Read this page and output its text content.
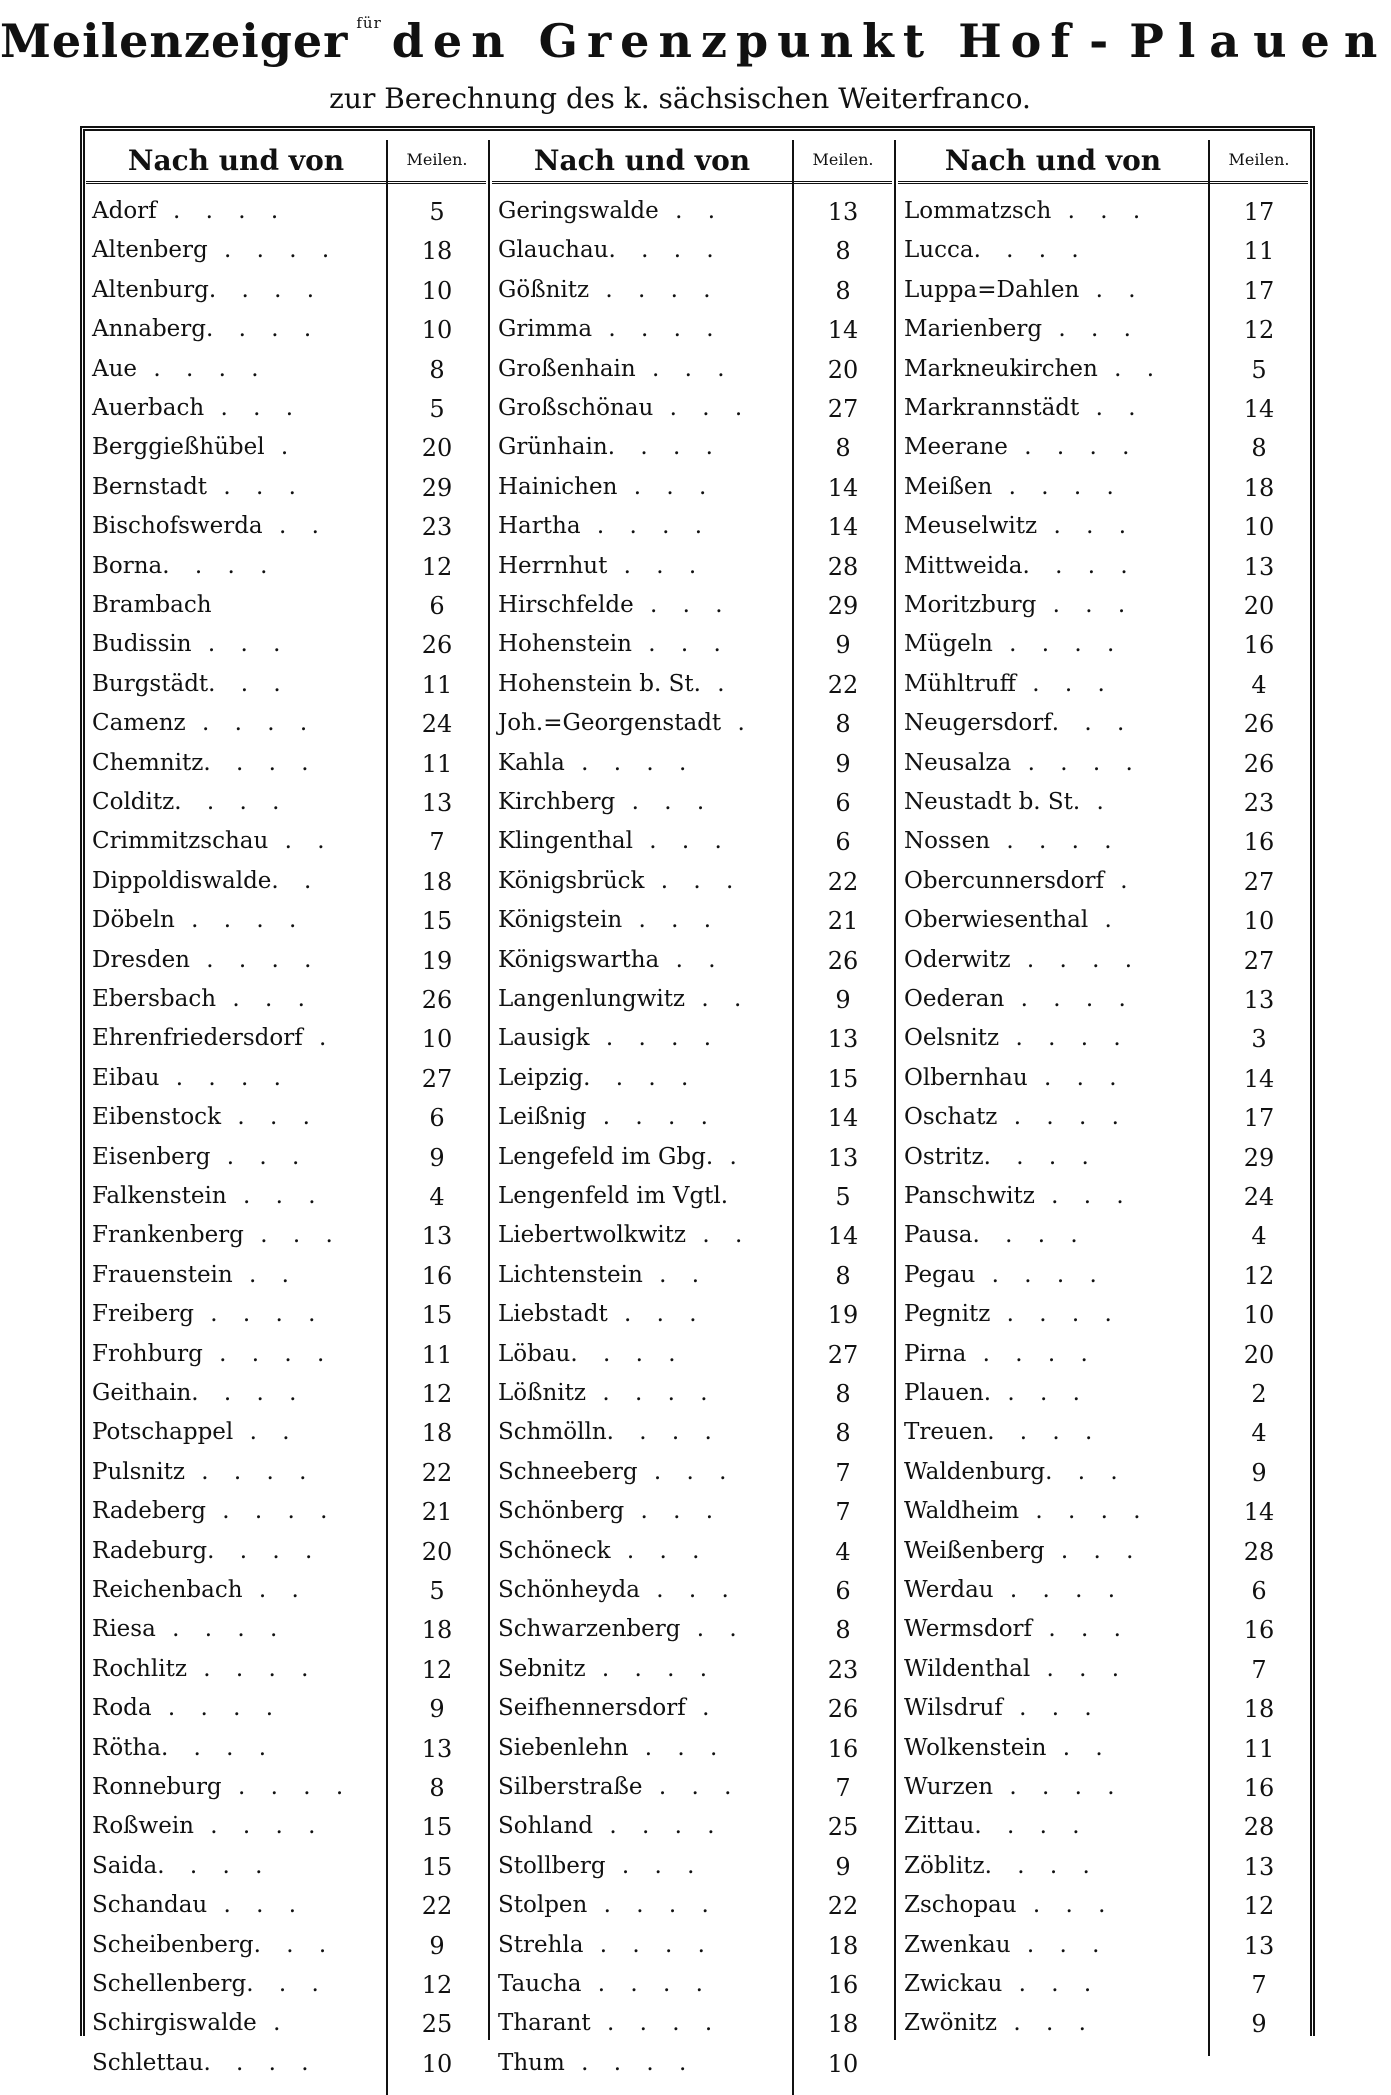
Meilenzeiger $^{für}$ den Grenzpunkt Hof - Plauen
zur Berechnung des k. sächsischen Weiterfranco.
Nach und von	Meilen.
Adorf . . . .	5
Altenberg . . . .	18
Altenburg. . . .	10
Annaberg. . . .	10
Aue . . . .	8
Auerbach . . .	5
Berggießhübel .	20
Bernstadt . . .	29
Bischofswerda . .	23
Borna. . . .	12
Brambach	6
Budissin . . .	26
Burgstädt. . .	11
Camenz . . . .	24
Chemnitz. . . .	11
Colditz. . . .	13
Crimmitzschau . .	7
Dippoldiswalde. .	18
Döbeln . . . .	15
Dresden . . . .	19
Ebersbach . . .	26
Ehrenfriedersdorf .	10
Eibau . . . .	27
Eibenstock . . .	6
Eisenberg . . .	9
Falkenstein . . .	4
Frankenberg . . .	13
Frauenstein . .	16
Freiberg . . . .	15
Frohburg . . . .	11
Geithain. . . .	12
Potschappel . .	18
Pulsnitz . . . .	22
Radeberg . . . .	21
Radeburg. . . .	20
Reichenbach . .	5
Riesa . . . .	18
Rochlitz . . . .	12
Roda . . . .	9
Rötha. . . .	13
Ronneburg . . . .	8
Roßwein . . . .	15
Saida. . . .	15
Schandau . . .	22
Scheibenberg. . .	9
Schellenberg. . .	12
Schirgiswalde .	25
Schlettau. . . .	10
Nach und von	Meilen.
Geringswalde . .	13
Glauchau. . . .	8
Gößnitz . . . .	8
Grimma . . . .	14
Großenhain . . .	20
Großschönau . . .	27
Grünhain. . . .	8
Hainichen . . .	14
Hartha . . . .	14
Herrnhut . . .	28
Hirschfelde . . .	29
Hohenstein . . .	9
Hohenstein b. St. .	22
Joh.=Georgenstadt .	8
Kahla . . . .	9
Kirchberg . . .	6
Klingenthal . . .	6
Königsbrück . . .	22
Königstein . . .	21
Königswartha . .	26
Langenlungwitz . .	9
Lausigk . . . .	13
Leipzig. . . .	15
Leißnig . . . .	14
Lengefeld im Gbg. .	13
Lengenfeld im Vgtl.	5
Liebertwolkwitz . .	14
Lichtenstein . .	8
Liebstadt . . .	19
Löbau. . . .	27
Lößnitz . . . .	8
Schmölln. . . .	8
Schneeberg . . .	7
Schönberg . . .	7
Schöneck . . .	4
Schönheyda . . .	6
Schwarzenberg . .	8
Sebnitz . . . .	23
Seifhennersdorf .	26
Siebenlehn . . .	16
Silberstraße . . .	7
Sohland . . . .	25
Stollberg . . .	9
Stolpen . . . .	22
Strehla . . . .	18
Taucha . . . .	16
Tharant . . . .	18
Thum . . . .	10
Nach und von	Meilen.
Lommatzsch . . .	17
Lucca. . . .	11
Luppa=Dahlen . .	17
Marienberg . . .	12
Markneukirchen . .	5
Markrannstädt . .	14
Meerane . . . .	8
Meißen . . . .	18
Meuselwitz . . .	10
Mittweida. . . .	13
Moritzburg . . .	20
Mügeln . . . .	16
Mühltruff . . .	4
Neugersdorf. . .	26
Neusalza . . . .	26
Neustadt b. St. .	23
Nossen . . . .	16
Obercunnersdorf .	27
Oberwiesenthal .	10
Oderwitz . . . .	27
Oederan . . . .	13
Oelsnitz . . . .	3
Olbernhau . . .	14
Oschatz . . . .	17
Ostritz. . . .	29
Panschwitz . . .	24
Pausa. . . .	4
Pegau . . . .	12
Pegnitz . . . .	10
Pirna . . . .	20
Plauen. . . .	2
Treuen. . . .	4
Waldenburg. . .	9
Waldheim . . . .	14
Weißenberg . . .	28
Werdau . . . .	6
Wermsdorf . . .	16
Wildenthal . . .	7
Wilsdruf . . .	18
Wolkenstein . .	11
Wurzen . . . .	16
Zittau. . . .	28
Zöblitz. . . .	13
Zschopau . . .	12
Zwenkau . . .	13
Zwickau . . .	7
Zwönitz . . .	9
